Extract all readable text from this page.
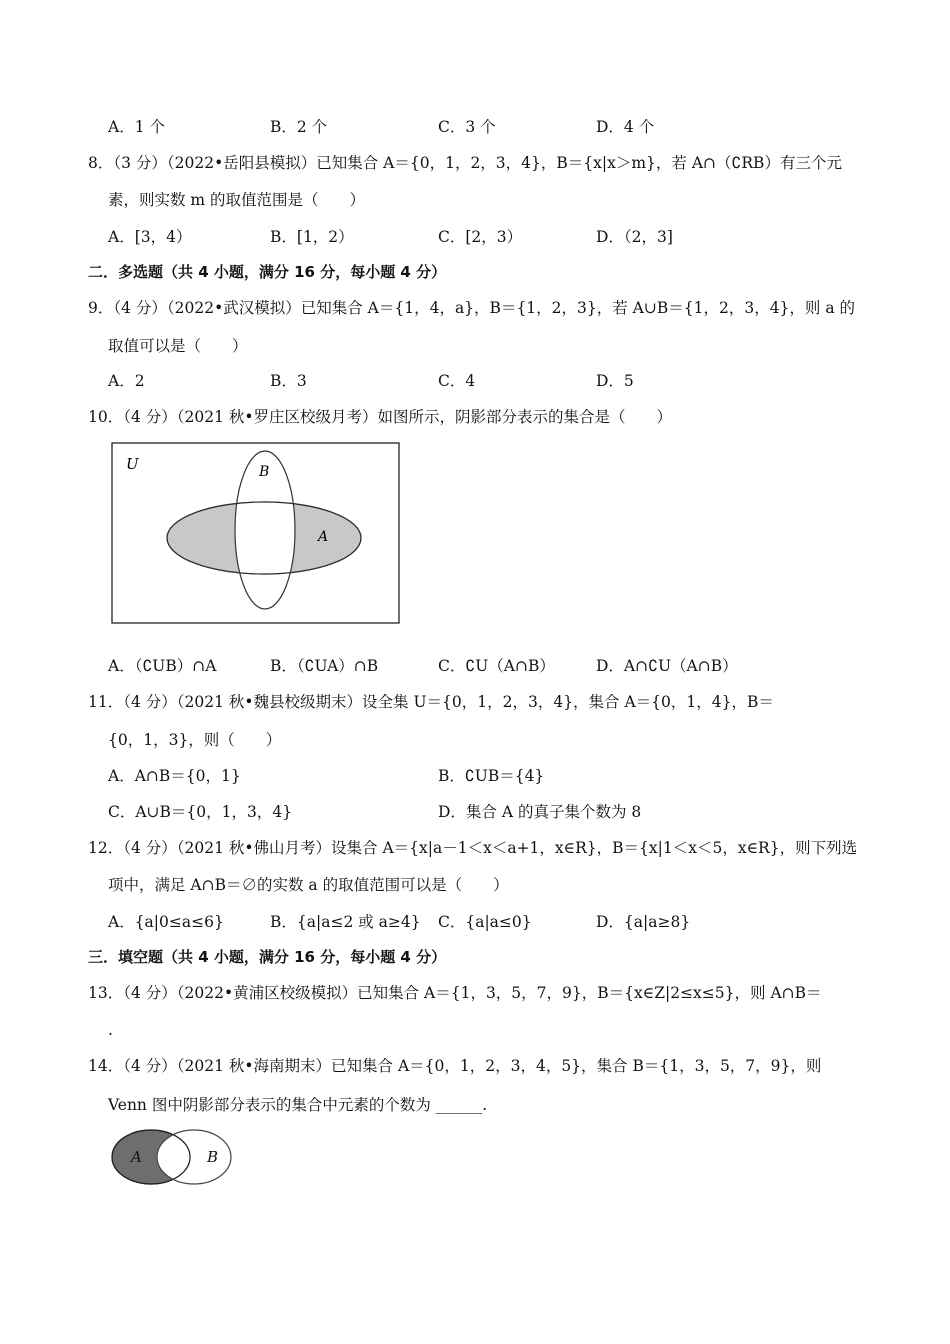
A．1 个	B．2 个	C．3 个	D．4 个
8．（3 分）（2022•岳阳县模拟）已知集合 A＝{0，1，2，3，4}，B＝{x|x＞m}，若 A∩（∁RB）有三个元
素，则实数 m 的取值范围是（　　）
A．[3，4）	B．[1，2）	C．[2，3）	D．（2，3]
二．多选题（共 4 小题，满分 16 分，每小题 4 分）
9．（4 分）（2022•武汉模拟）已知集合 A＝{1，4，a}，B＝{1，2，3}，若 A∪B＝{1，2，3，4}，则 a 的
取值可以是（　　）
A．2	B．3	C．4	D．5
10．（4 分）（2021 秋•罗庄区校级月考）如图所示，阴影部分表示的集合是（　　）
U	B
A
A．（∁UB）∩A	B．（∁UA）∩B	C．∁U（A∩B）	D．A∩∁U（A∩B）
11．（4 分）（2021 秋•魏县校级期末）设全集 U＝{0，1，2，3，4}，集合 A＝{0，1，4}，B＝
{0，1，3}，则（　　）
A．A∩B＝{0，1}	B．∁UB＝{4}
C．A∪B＝{0，1，3，4}	D．集合 A 的真子集个数为 8
12．（4 分）（2021 秋•佛山月考）设集合 A＝{x|a－1＜x＜a+1，x∈R}，B＝{x|1＜x＜5，x∈R}，则下列选
项中，满足 A∩B＝∅的实数 a 的取值范围可以是（　　）
A．{a|0≤a≤6}	B．{a|a≤2 或 a≥4} C．{a|a≤0}	D．{a|a≥8}
三．填空题（共 4 小题，满分 16 分，每小题 4 分）
13．（4 分）（2022•黄浦区校级模拟）已知集合 A＝{1，3，5，7，9}，B＝{x∈Z|2≤x≤5}，则 A∩B＝
.
14．（4 分）（2021 秋•海南期末）已知集合 A＝{0，1，2，3，4，5}，集合 B＝{1，3，5，7，9}，则
Venn 图中阴影部分表示的集合中元素的个数为 ______.
A	B
